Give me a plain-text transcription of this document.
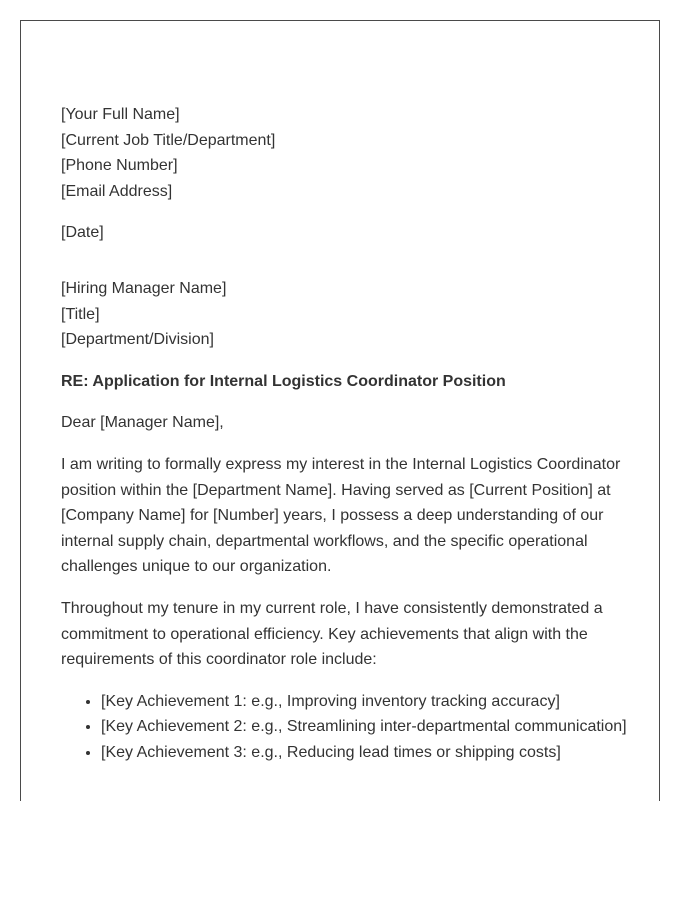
[Your Full Name]
[Current Job Title/Department]
[Phone Number]
[Email Address]
[Date]
[Hiring Manager Name]
[Title]
[Department/Division]
RE: Application for Internal Logistics Coordinator Position

Dear [Manager Name],

I am writing to formally express my interest in the Internal Logistics Coordinator position within the [Department Name]. Having served as [Current Position] at [Company Name] for [Number] years, I possess a deep understanding of our internal supply chain, departmental workflows, and the specific operational challenges unique to our organization.

Throughout my tenure in my current role, I have consistently demonstrated a commitment to operational efficiency. Key achievements that align with the requirements of this coordinator role include:

• [Key Achievement 1: e.g., Improving inventory tracking accuracy]
• [Key Achievement 2: e.g., Streamlining inter-departmental communication]
• [Key Achievement 3: e.g., Reducing lead times or shipping costs]
